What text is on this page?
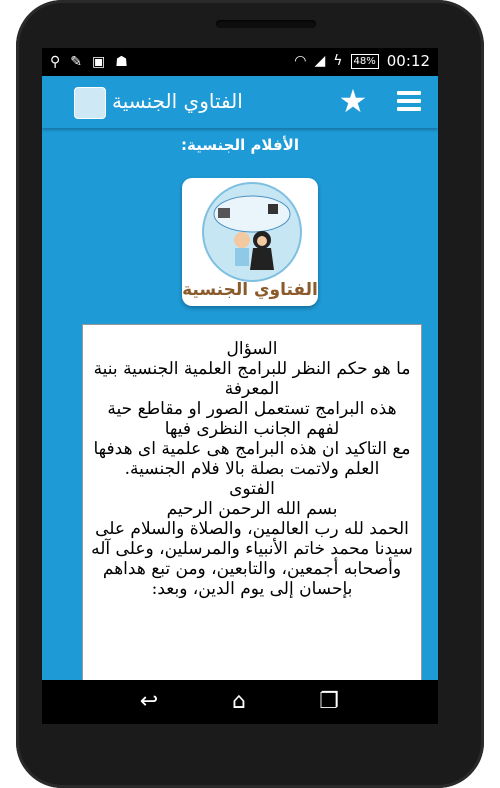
⚲ ✎ ▣ ☗	◠ ◢ ϟ	48% 00:12
الفتاوي الجنسية	★
الأفلام الجنسية:
الفتاوي الجنسية
السؤال
ما هو حكم النظر للبرامج العلمية الجنسية بنية المعرفة
هذه البرامج تستعمل الصور او مقاطع حية لفهم الجانب النظرى فيها
مع التاكيد ان هذه البرامج هى علمية اى هدفها العلم ولاتمت بصلة بالا فلام الجنسية.
الفتوى
بسم الله الرحمن الرحيم
الحمد لله رب العالمين، والصلاة والسلام على سيدنا محمد خاتم الأنبياء والمرسلين، وعلى آله وأصحابه أجمعين، والتابعين، ومن تبع هداهم بإحسان إلى يوم الدين، وبعد:
↩	⌂	❐
